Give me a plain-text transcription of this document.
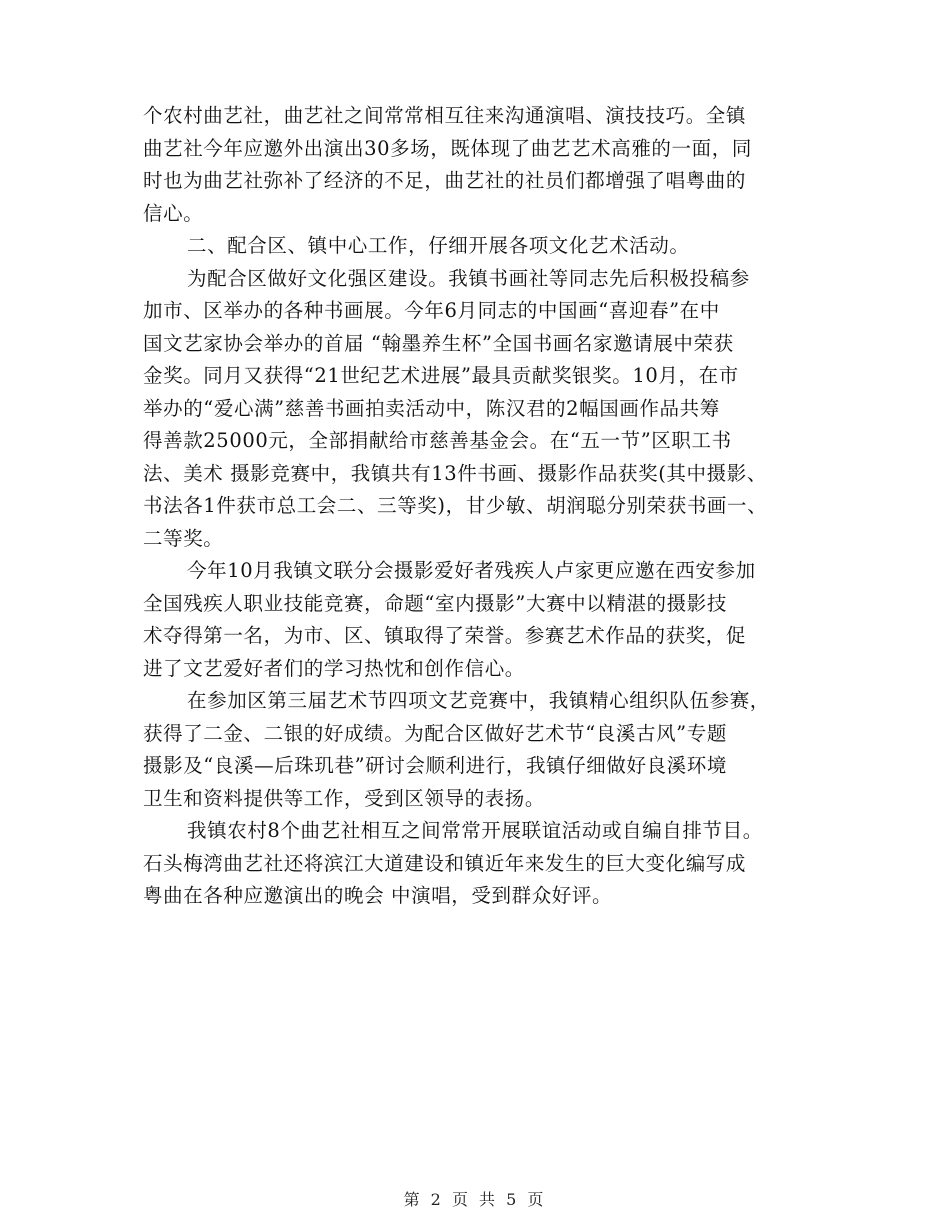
个农村曲艺社，曲艺社之间常常相互往来沟通演唱、演技技巧。全镇
曲艺社今年应邀外出演出30多场，既体现了曲艺艺术高雅的一面，同
时也为曲艺社弥补了经济的不足，曲艺社的社员们都增强了唱粤曲的
信心。
二、配合区、镇中心工作，仔细开展各项文化艺术活动。
为配合区做好文化强区建设。我镇书画社等同志先后积极投稿参
加市、区举办的各种书画展。今年6月同志的中国画“喜迎春”在中
国文艺家协会举办的首届 “翰墨养生杯”全国书画名家邀请展中荣获
金奖。同月又获得“21世纪艺术进展”最具贡献奖银奖。10月，在市
举办的“爱心满”慈善书画拍卖活动中，陈汉君的2幅国画作品共筹
得善款25000元，全部捐献给市慈善基金会。在“五一节”区职工书
法、美术 摄影竞赛中，我镇共有13件书画、摄影作品获奖(其中摄影、
书法各1件获市总工会二、三等奖)，甘少敏、胡润聪分别荣获书画一、
二等奖。
今年10月我镇文联分会摄影爱好者残疾人卢家更应邀在西安参加
全国残疾人职业技能竞赛，命题“室内摄影”大赛中以精湛的摄影技
术夺得第一名，为市、区、镇取得了荣誉。参赛艺术作品的获奖，促
进了文艺爱好者们的学习热忱和创作信心。
在参加区第三届艺术节四项文艺竞赛中，我镇精心组织队伍参赛，
获得了二金、二银的好成绩。为配合区做好艺术节“良溪古风”专题
摄影及“良溪—后珠玑巷”研讨会顺利进行，我镇仔细做好良溪环境
卫生和资料提供等工作，受到区领导的表扬。
我镇农村8个曲艺社相互之间常常开展联谊活动或自编自排节目。
石头梅湾曲艺社还将滨江大道建设和镇近年来发生的巨大变化编写成
粤曲在各种应邀演出的晚会 中演唱，受到群众好评。
第 2 页 共 5 页
